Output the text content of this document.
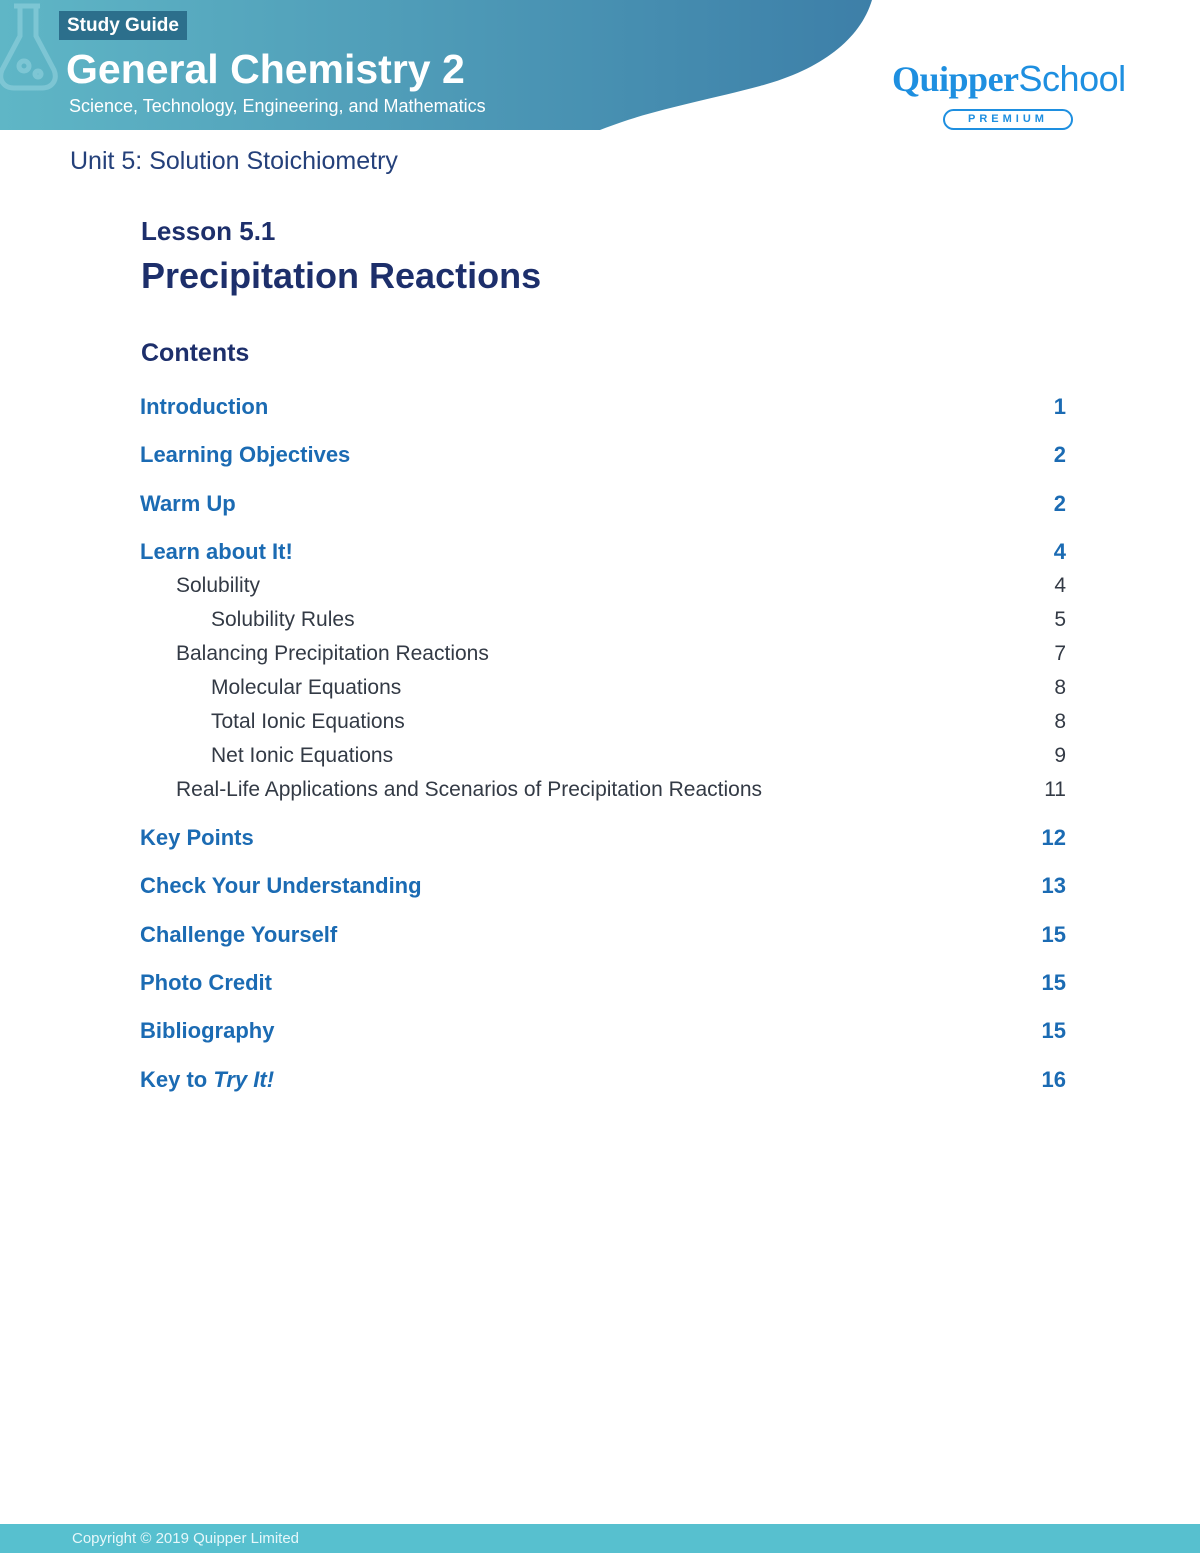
Study Guide
General Chemistry 2
Science, Technology, Engineering, and Mathematics
QuipperSchool
PREMIUM
Unit 5: Solution Stoichiometry
Lesson 5.1
Precipitation Reactions
Contents
Introduction	1
Learning Objectives	2
Warm Up	2
Learn about It!	4
Solubility	4
Solubility Rules	5
Balancing Precipitation Reactions	7
Molecular Equations	8
Total Ionic Equations	8
Net Ionic Equations	9
Real-Life Applications and Scenarios of Precipitation Reactions	11
Key Points	12
Check Your Understanding	13
Challenge Yourself	15
Photo Credit	15
Bibliography	15
Key to Try It!	16
Copyright © 2019 Quipper Limited
